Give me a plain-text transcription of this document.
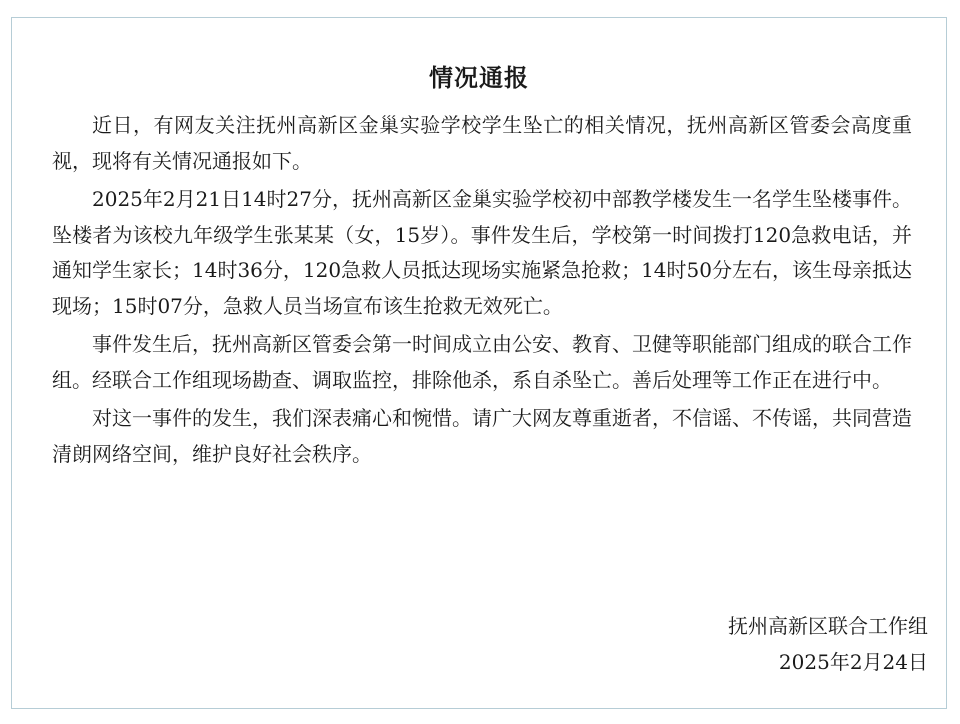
情况通报

近日，有网友关注抚州高新区金巢实验学校学生坠亡的相关情况，抚州高新区管委会高度重视，现将有关情况通报如下。

2025年2月21日14时27分，抚州高新区金巢实验学校初中部教学楼发生一名学生坠楼事件。坠楼者为该校九年级学生张某某（女，15岁）。事件发生后，学校第一时间拨打120急救电话，并通知学生家长；14时36分，120急救人员抵达现场实施紧急抢救；14时50分左右，该生母亲抵达现场；15时07分，急救人员当场宣布该生抢救无效死亡。

事件发生后，抚州高新区管委会第一时间成立由公安、教育、卫健等职能部门组成的联合工作组。经联合工作组现场勘查、调取监控，排除他杀，系自杀坠亡。善后处理等工作正在进行中。

对这一事件的发生，我们深表痛心和惋惜。请广大网友尊重逝者，不信谣、不传谣，共同营造清朗网络空间，维护良好社会秩序。

抚州高新区联合工作组
2025年2月24日
